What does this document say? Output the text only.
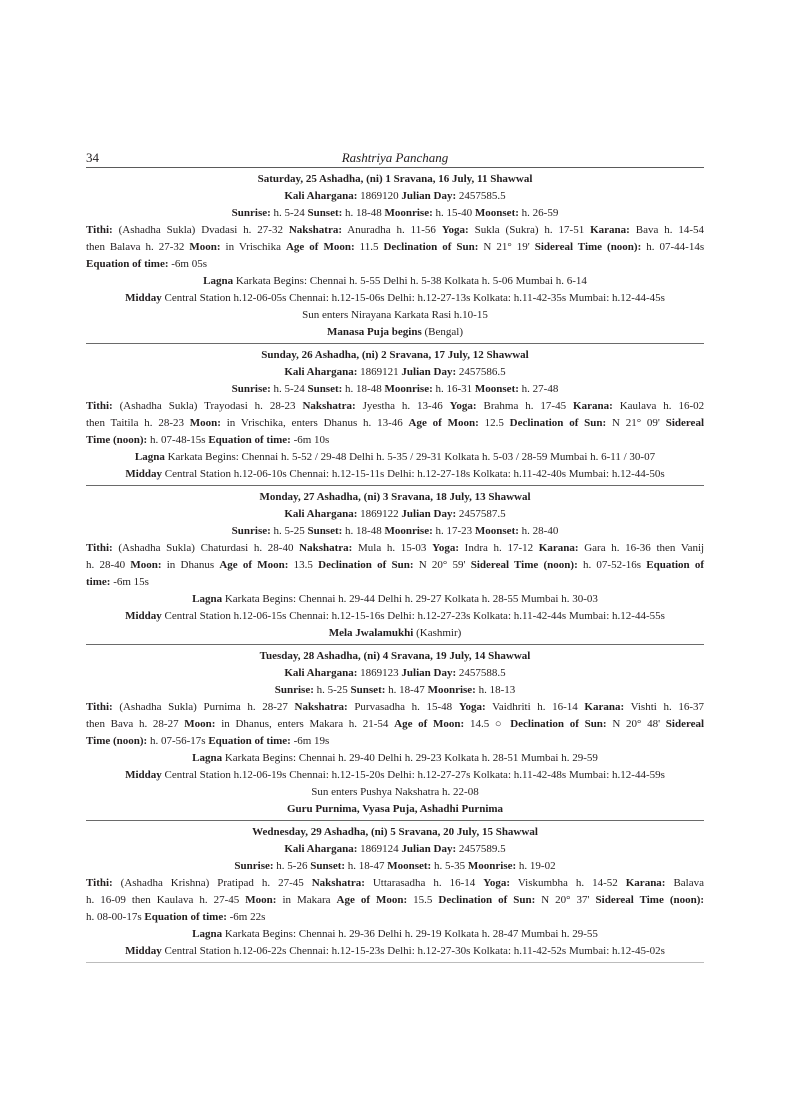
34	Rashtriya Panchang
Saturday, 25 Ashadha, (ni) 1 Sravana, 16 July, 11 Shawwal
Kali Ahargana: 1869120 Julian Day: 2457585.5
Sunrise: h. 5-24 Sunset: h. 18-48 Moonrise: h. 15-40 Moonset: h. 26-59
Tithi: (Ashadha Sukla) Dvadasi h. 27-32 Nakshatra: Anuradha h. 11-56 Yoga: Sukla (Sukra) h. 17-51 Karana: Bava h. 14-54
then Balava h. 27-32 Moon: in Vrischika Age of Moon: 11.5 Declination of Sun: N 21° 19' Sidereal Time (noon): h. 07-44-14s
Equation of time: -6m 05s
Lagna Karkata Begins: Chennai h. 5-55 Delhi h. 5-38 Kolkata h. 5-06 Mumbai h. 6-14
Midday Central Station h.12-06-05s Chennai: h.12-15-06s Delhi: h.12-27-13s Kolkata: h.11-42-35s Mumbai: h.12-44-45s
Sun enters Nirayana Karkata Rasi h.10-15
Manasa Puja begins (Bengal)
Sunday, 26 Ashadha, (ni) 2 Sravana, 17 July, 12 Shawwal
Kali Ahargana: 1869121 Julian Day: 2457586.5
Sunrise: h. 5-24 Sunset: h. 18-48 Moonrise: h. 16-31 Moonset: h. 27-48
Tithi: (Ashadha Sukla) Trayodasi h. 28-23 Nakshatra: Jyestha h. 13-46 Yoga: Brahma h. 17-45 Karana: Kaulava h. 16-02
then Taitila h. 28-23 Moon: in Vrischika, enters Dhanus h. 13-46 Age of Moon: 12.5 Declination of Sun: N 21° 09' Sidereal
Time (noon): h. 07-48-15s Equation of time: -6m 10s
Lagna Karkata Begins: Chennai h. 5-52 / 29-48 Delhi h. 5-35 / 29-31 Kolkata h. 5-03 / 28-59 Mumbai h. 6-11 / 30-07
Midday Central Station h.12-06-10s Chennai: h.12-15-11s Delhi: h.12-27-18s Kolkata: h.11-42-40s Mumbai: h.12-44-50s
Monday, 27 Ashadha, (ni) 3 Sravana, 18 July, 13 Shawwal
Kali Ahargana: 1869122 Julian Day: 2457587.5
Sunrise: h. 5-25 Sunset: h. 18-48 Moonrise: h. 17-23 Moonset: h. 28-40
Tithi: (Ashadha Sukla) Chaturdasi h. 28-40 Nakshatra: Mula h. 15-03 Yoga: Indra h. 17-12 Karana: Gara h. 16-36 then Vanij
h. 28-40 Moon: in Dhanus Age of Moon: 13.5 Declination of Sun: N 20° 59' Sidereal Time (noon): h. 07-52-16s Equation of
time: -6m 15s
Lagna Karkata Begins: Chennai h. 29-44 Delhi h. 29-27 Kolkata h. 28-55 Mumbai h. 30-03
Midday Central Station h.12-06-15s Chennai: h.12-15-16s Delhi: h.12-27-23s Kolkata: h.11-42-44s Mumbai: h.12-44-55s
Mela Jwalamukhi (Kashmir)
Tuesday, 28 Ashadha, (ni) 4 Sravana, 19 July, 14 Shawwal
Kali Ahargana: 1869123 Julian Day: 2457588.5
Sunrise: h. 5-25 Sunset: h. 18-47 Moonrise: h. 18-13
Tithi: (Ashadha Sukla) Purnima h. 28-27 Nakshatra: Purvasadha h. 15-48 Yoga: Vaidhriti h. 16-14 Karana: Vishti h. 16-37
then Bava h. 28-27 Moon: in Dhanus, enters Makara h. 21-54 Age of Moon: 14.5 ○ Declination of Sun: N 20° 48' Sidereal
Time (noon): h. 07-56-17s Equation of time: -6m 19s
Lagna Karkata Begins: Chennai h. 29-40 Delhi h. 29-23 Kolkata h. 28-51 Mumbai h. 29-59
Midday Central Station h.12-06-19s Chennai: h.12-15-20s Delhi: h.12-27-27s Kolkata: h.11-42-48s Mumbai: h.12-44-59s
Sun enters Pushya Nakshatra h. 22-08
Guru Purnima, Vyasa Puja, Ashadhi Purnima
Wednesday, 29 Ashadha, (ni) 5 Sravana, 20 July, 15 Shawwal
Kali Ahargana: 1869124 Julian Day: 2457589.5
Sunrise: h. 5-26 Sunset: h. 18-47 Moonset: h. 5-35 Moonrise: h. 19-02
Tithi: (Ashadha Krishna) Pratipad h. 27-45 Nakshatra: Uttarasadha h. 16-14 Yoga: Viskumbha h. 14-52 Karana: Balava
h. 16-09 then Kaulava h. 27-45 Moon: in Makara Age of Moon: 15.5 Declination of Sun: N 20° 37' Sidereal Time (noon):
h. 08-00-17s Equation of time: -6m 22s
Lagna Karkata Begins: Chennai h. 29-36 Delhi h. 29-19 Kolkata h. 28-47 Mumbai h. 29-55
Midday Central Station h.12-06-22s Chennai: h.12-15-23s Delhi: h.12-27-30s Kolkata: h.11-42-52s Mumbai: h.12-45-02s
